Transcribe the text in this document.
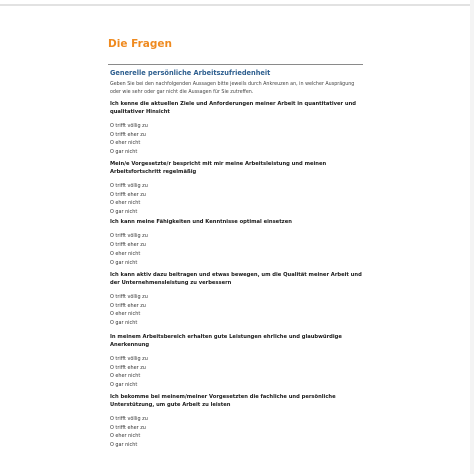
Die Fragen
Generelle persönliche Arbeitszufriedenheit
Geben Sie bei den nachfolgenden Aussagen bitte jeweils durch Ankreuzen an, in welcher Ausprägung oder wie sehr oder gar nicht die Aussagen für Sie zutreffen.
Ich kenne die aktuellen Ziele und Anforderungen meiner Arbeit in quantitativer und qualitativer Hinsicht
O trifft völlig zu
O trifft eher zu
O eher nicht
O gar nicht
Mein/e Vorgesetzte/r bespricht mit mir meine Arbeitsleistung und meinen Arbeitsfortschritt regelmäßig
O trifft völlig zu
O trifft eher zu
O eher nicht
O gar nicht
Ich kann meine Fähigkeiten und Kenntnisse optimal einsetzen
O trifft völlig zu
O trifft eher zu
O eher nicht
O gar nicht
Ich kann aktiv dazu beitragen und etwas bewegen, um die Qualität meiner Arbeit und der Unternehmensleistung zu verbessern
O trifft völlig zu
O trifft eher zu
O eher nicht
O gar nicht
In meinem Arbeitsbereich erhalten gute Leistungen ehrliche und glaubwürdige Anerkennung
O trifft völlig zu
O trifft eher zu
O eher nicht
O gar nicht
Ich bekomme bei meinem/meiner Vorgesetzten die fachliche und persönliche Unterstützung, um gute Arbeit zu leisten
O trifft völlig zu
O trifft eher zu
O eher nicht
O gar nicht
